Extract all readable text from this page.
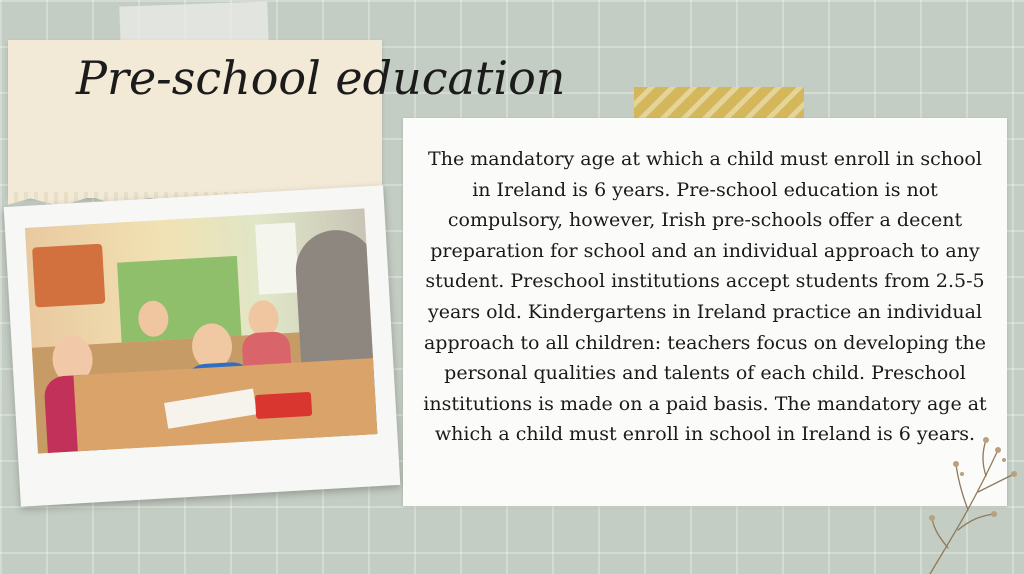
Pre-school education

The mandatory age at which a child must enroll in school in Ireland is 6 years. Pre-school education is not compulsory, however, Irish pre-schools offer a decent preparation for school and an individual approach to any student. Preschool institutions accept students from 2.5-5 years old. Kindergartens in Ireland practice an individual approach to all children: teachers focus on developing the personal qualities and talents of each child. Preschool institutions is made on a paid basis. The mandatory age at which a child must enroll in school in Ireland is 6 years.
